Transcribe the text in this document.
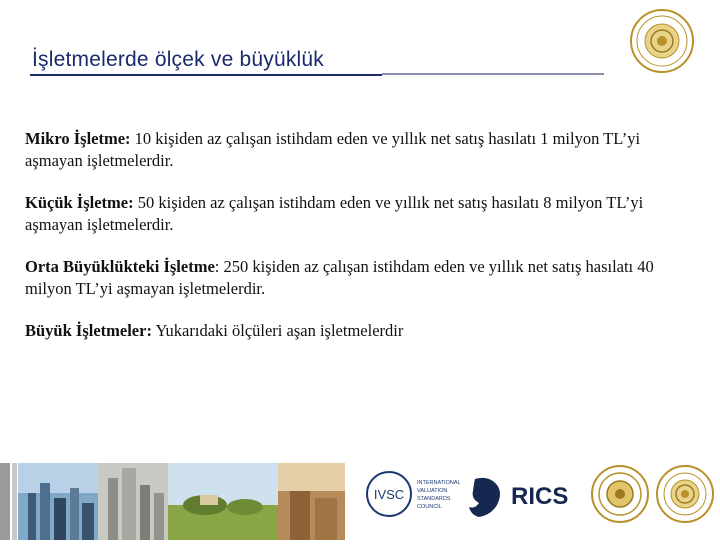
İşletmelerde ölçek ve büyüklük

Mikro İşletme: 10 kişiden az çalışan istihdam eden ve yıllık net satış hasılatı 1 milyon TL’yi aşmayan işletmelerdir.

Küçük İşletme: 50 kişiden az çalışan istihdam eden ve yıllık net satış hasılatı 8 milyon TL’yi aşmayan işletmelerdir.

Orta Büyüklükteki İşletme: 250 kişiden az çalışan istihdam eden ve yıllık net satış hasılatı 40 milyon TL’yi aşmayan işletmelerdir.

Büyük İşletmeler: Yukarıdaki ölçüleri aşan işletmelerdir

IVSC
INTERNATIONAL
VALUATION
STANDARDS
COUNCIL	RICS
